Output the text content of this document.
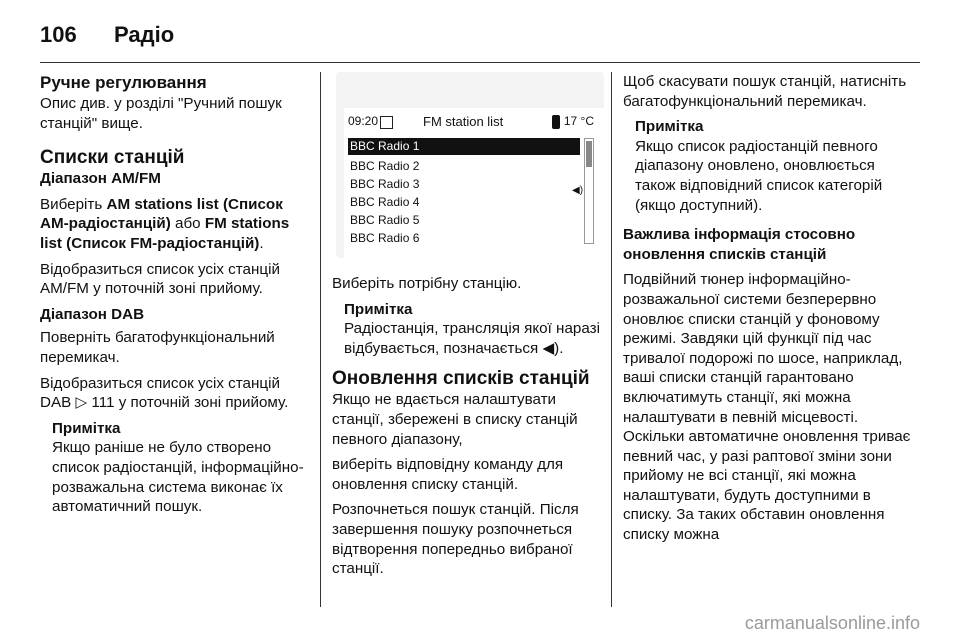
106	Радіо
Ручне регулювання

Опис див. у розділі "Ручний пошук станцій" вище.

Списки станцій
Діапазон AM/FM

Виберіть AM stations list (Список AM-радіостанцій) або FM stations list (Список FM-радіостанцій).

Відобразиться список усіх станцій AM/FM у поточній зоні прийому.

Діапазон DAB

Поверніть багатофункціональний перемикач.

Відобразиться список усіх станцій DAB ▷ 111 у поточній зоні прийому.

Примітка
Якщо раніше не було створено список радіостанцій, інформаційно-розважальна система виконає їх автоматичний пошук.
09:20	FM station list	17 °C
BBC Radio 1
BBC Radio 2
BBC Radio 3
BBC Radio 4
BBC Radio 5
BBC Radio 6
◀)

Виберіть потрібну станцію.

Примітка
Радіостанція, трансляція якої наразі відбувається, позначається ◀).
Оновлення списків станцій

Якщо не вдається налаштувати станції, збережені в списку станцій певного діапазону,

виберіть відповідну команду для оновлення списку станцій.

Розпочнеться пошук станцій. Після завершення пошуку розпочнеться відтворення попередньо вибраної станції.

Щоб скасувати пошук станцій, натисніть багатофункціональний перемикач.

Примітка
Якщо список радіостанцій певного діапазону оновлено, оновлюється також відповідний список категорій (якщо доступний).
Важлива інформація стосовно оновлення списків станцій

Подвійний тюнер інформаційно-розважальної системи безперервно оновлює списки станцій у фоновому режимі. Завдяки цій функції під час тривалої подорожі по шосе, наприклад, ваші списки станцій гарантовано включатимуть станції, які можна налаштувати в певній місцевості. Оскільки автоматичне оновлення триває певний час, у разі раптової зміни зони прийому не всі станції, які можна налаштувати, будуть доступними в списку. За таких обставин оновлення списку можна

carmanualsonline.info
